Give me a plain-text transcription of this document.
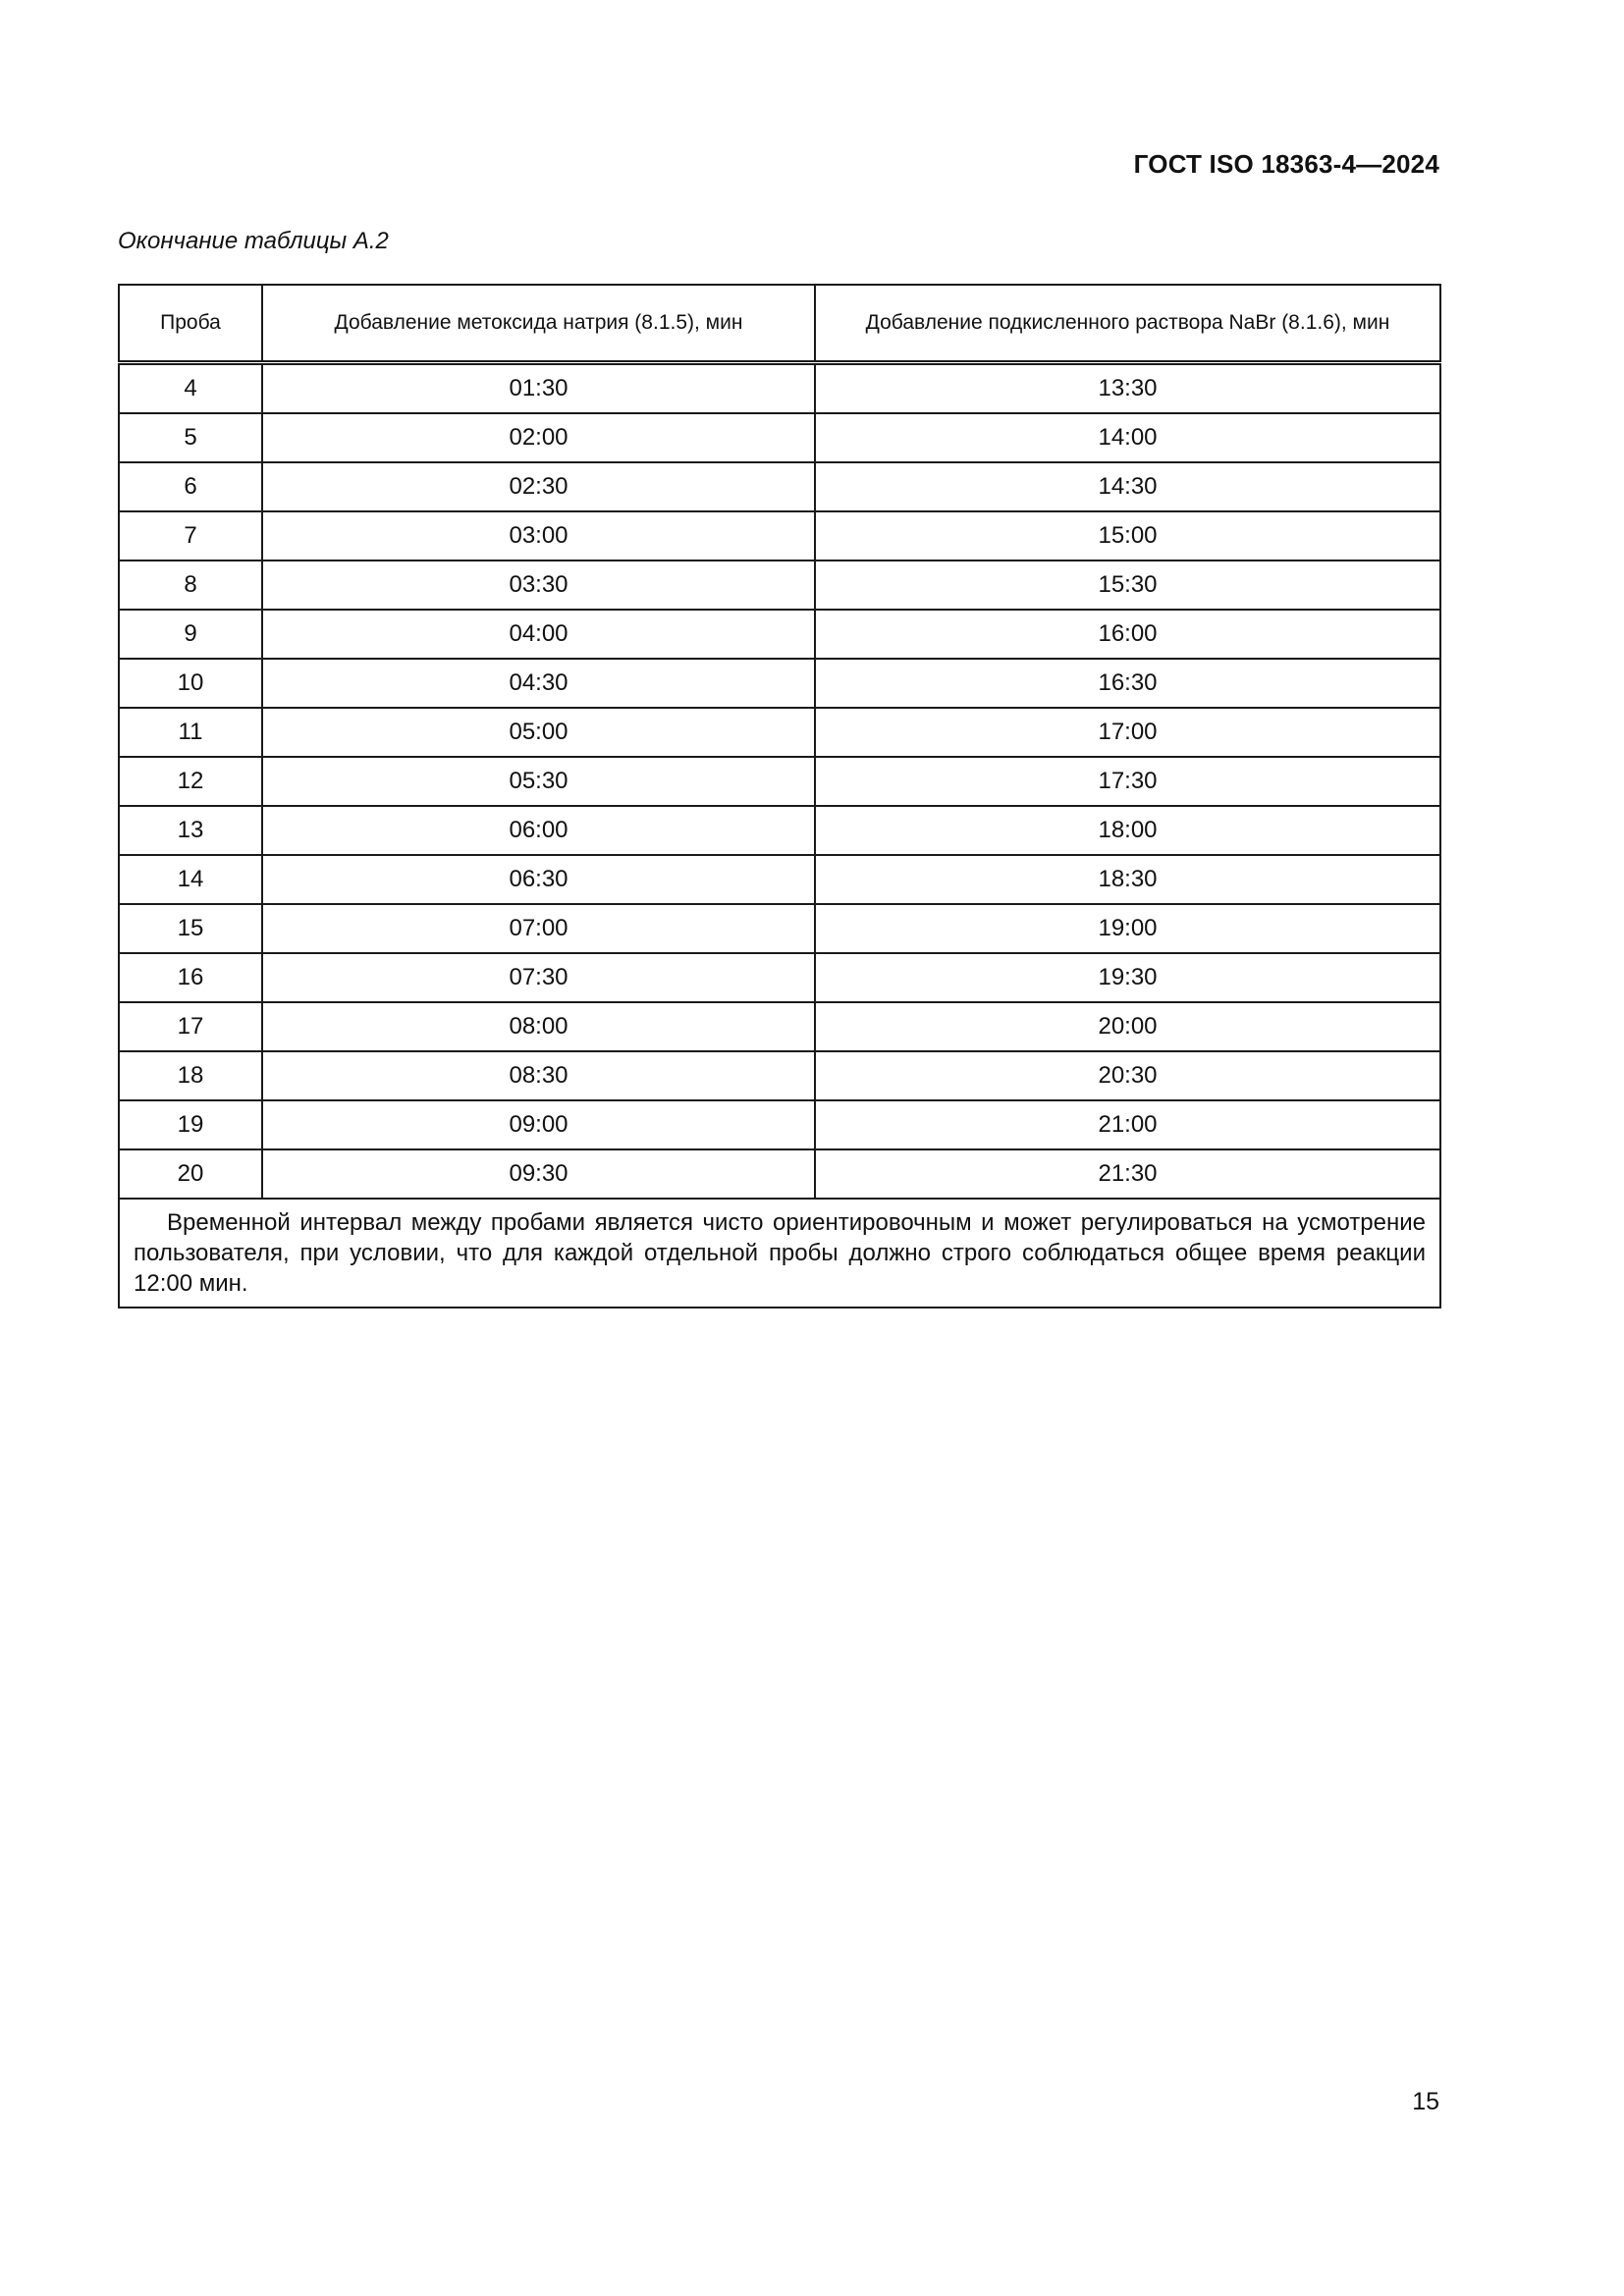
ГОСТ ISO 18363-4—2024
Окончание таблицы А.2
Проба	Добавление метоксида натрия (8.1.5), мин	Добавление подкисленного раствора NaBr (8.1.6), мин
4	01:30	13:30
5	02:00	14:00
6	02:30	14:30
7	03:00	15:00
8	03:30	15:30
9	04:00	16:00
10	04:30	16:30
11	05:00	17:00
12	05:30	17:30
13	06:00	18:00
14	06:30	18:30
15	07:00	19:00
16	07:30	19:30
17	08:00	20:00
18	08:30	20:30
19	09:00	21:00
20	09:30	21:30
Временной интервал между пробами является чисто ориентировочным и может регулироваться на усмотрение пользователя, при условии, что для каждой отдельной пробы должно строго соблюдаться общее время реакции 12:00 мин.		
15
